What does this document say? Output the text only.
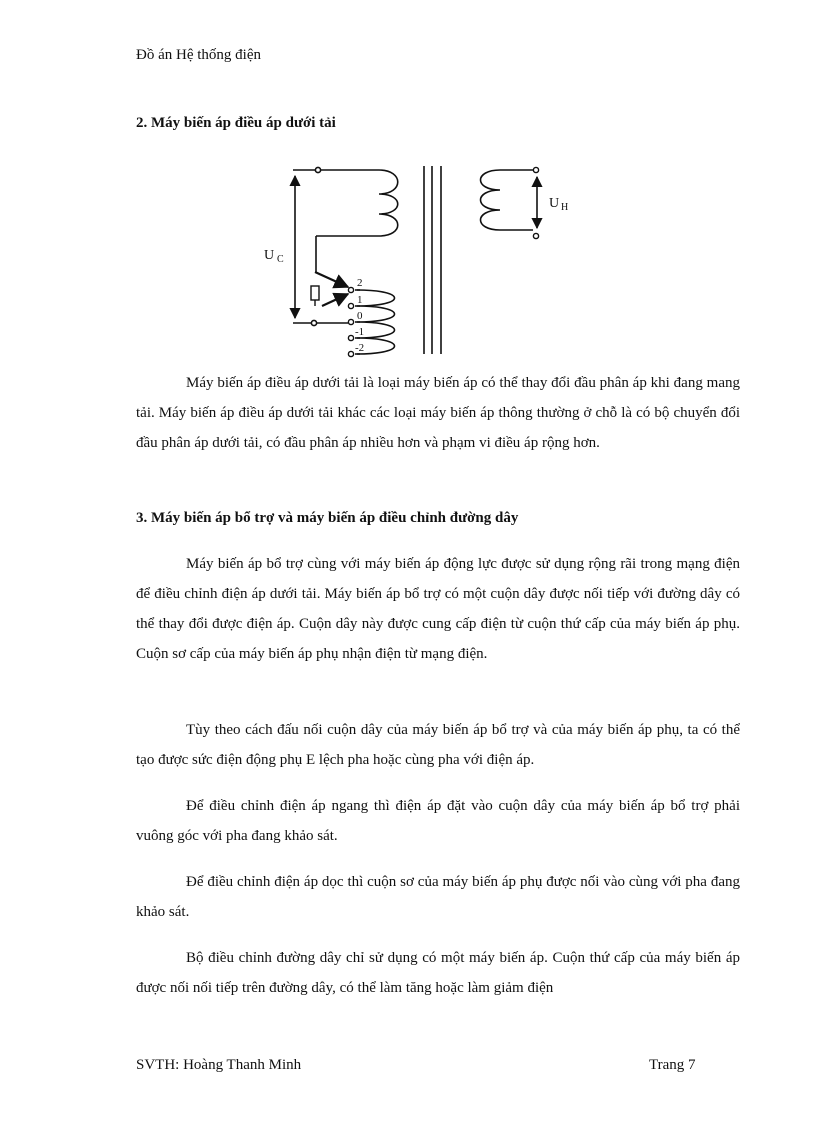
Đồ án Hệ thống điện
2. Máy biến áp điều áp dưới tải
U C
U H
2
1
0
-1
-2

Máy biến áp điều áp dưới tải là loại máy biến áp có thể thay đổi đầu phân áp khi đang mang tải. Máy biến áp điều áp dưới tải khác các loại máy biến áp thông thường ở chỗ là có bộ chuyển đổi đầu phân áp dưới tải, có đầu phân áp nhiều hơn và phạm vi điều áp rộng hơn.

3. Máy biến áp bổ trợ và máy biến áp điều chỉnh đường dây

Máy biến áp bổ trợ cùng với máy biến áp động lực được sử dụng rộng rãi trong mạng điện để điều chỉnh điện áp dưới tải. Máy biến áp bổ trợ có một cuộn dây được nối tiếp với đường dây có thể thay đổi được điện áp. Cuộn dây này được cung cấp điện từ cuộn thứ cấp của máy biến áp phụ. Cuộn sơ cấp của máy biến áp phụ nhận điện từ mạng điện.

Tùy theo cách đấu nối cuộn dây của máy biến áp bổ trợ và của máy biến áp phụ, ta có thể tạo được sức điện động phụ E lệch pha hoặc cùng pha với điện áp.

Để điều chỉnh điện áp ngang thì điện áp đặt vào cuộn dây của máy biến áp bổ trợ phải vuông góc với pha đang khảo sát.

Để điều chỉnh điện áp dọc thì cuộn sơ của máy biến áp phụ được nối vào cùng với pha đang khảo sát.

Bộ điều chỉnh đường dây chỉ sử dụng có một máy biến áp. Cuộn thứ cấp của máy biến áp được nối nối tiếp trên đường dây, có thể làm tăng hoặc làm giảm điện

SVTH: Hoàng Thanh Minh	Trang 7
